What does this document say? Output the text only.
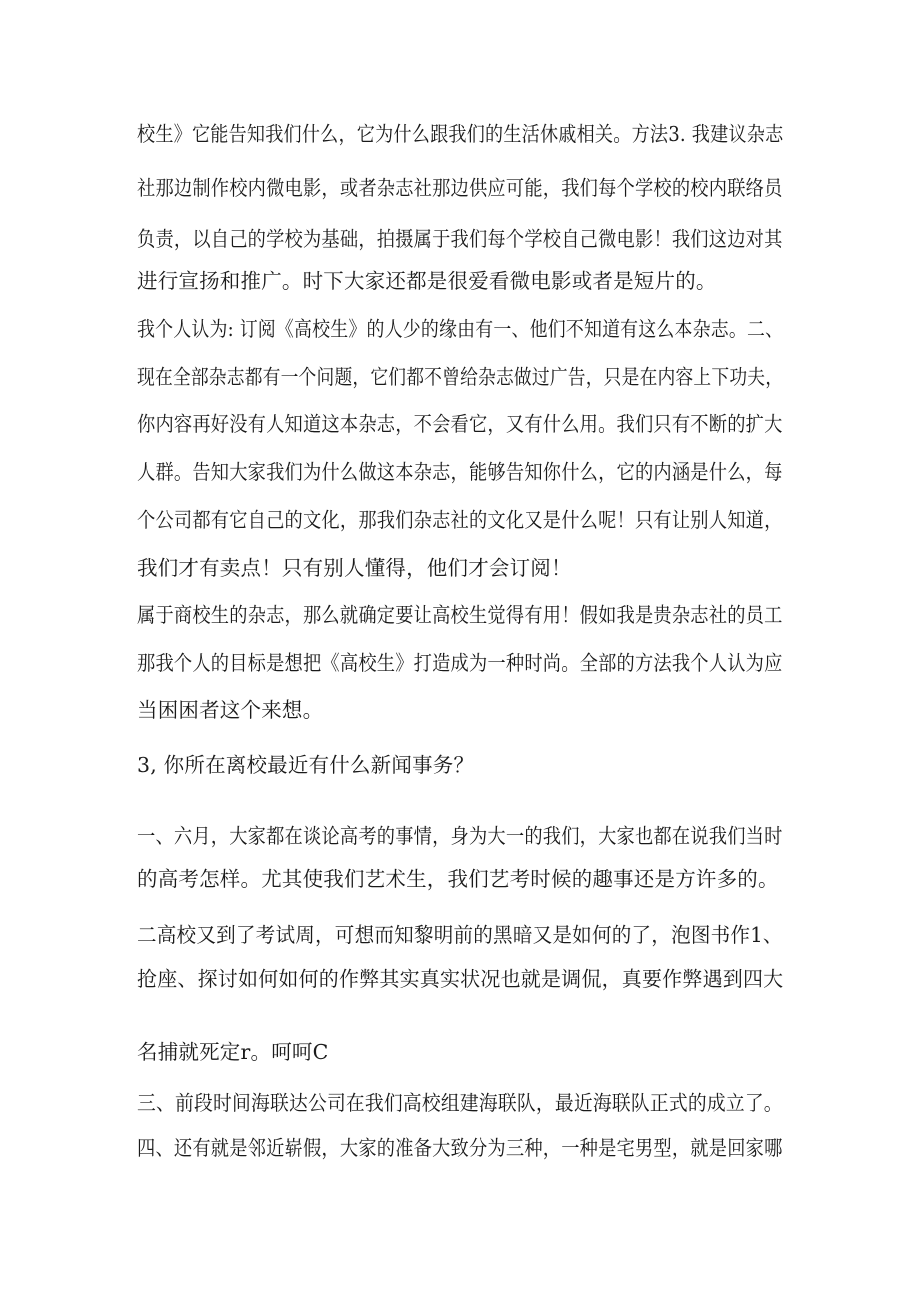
校生》它能告知我们什么，它为什么跟我们的生活休戚相关。方法3. 我建议杂志
社那边制作校内微电影，或者杂志社那边供应可能，我们每个学校的校内联络员
负责，以自己的学校为基础，拍摄属于我们每个学校自己微电影！我们这边对其
进行宣扬和推广。时下大家还都是很爱看微电影或者是短片的。
我个人认为: 订阅《高校生》的人少的缘由有一、他们不知道有这么本杂志。二、
现在全部杂志都有一个问题，它们都不曾给杂志做过广告，只是在内容上下功夫，
你内容再好没有人知道这本杂志，不会看它，又有什么用。我们只有不断的扩大
人群。告知大家我们为什么做这本杂志，能够告知你什么，它的内涵是什么，每
个公司都有它自己的文化，那我们杂志社的文化又是什么呢！只有让别人知道，
我们才有卖点！只有别人懂得，他们才会订阅！
属于商校生的杂志，那么就确定要让高校生觉得有用！假如我是贵杂志社的员工
那我个人的目标是想把《高校生》打造成为一种时尚。全部的方法我个人认为应
当困困者这个来想。
3, 你所在离校最近有什么新闻事务？
一、六月，大家都在谈论高考的事情，身为大一的我们，大家也都在说我们当时
的高考怎样。尤其使我们艺术生，我们艺考时候的趣事还是方许多的。
二高校又到了考试周，可想而知黎明前的黑暗又是如何的了，泡图书作1、
抢座、探讨如何如何的作弊其实真实状况也就是调侃，真要作弊遇到四大
名捕就死定r。呵呵C
三、前段时间海联达公司在我们高校组建海联队，最近海联队正式的成立了。
四、还有就是邻近崭假，大家的准备大致分为三种，一种是宅男型，就是回家哪
